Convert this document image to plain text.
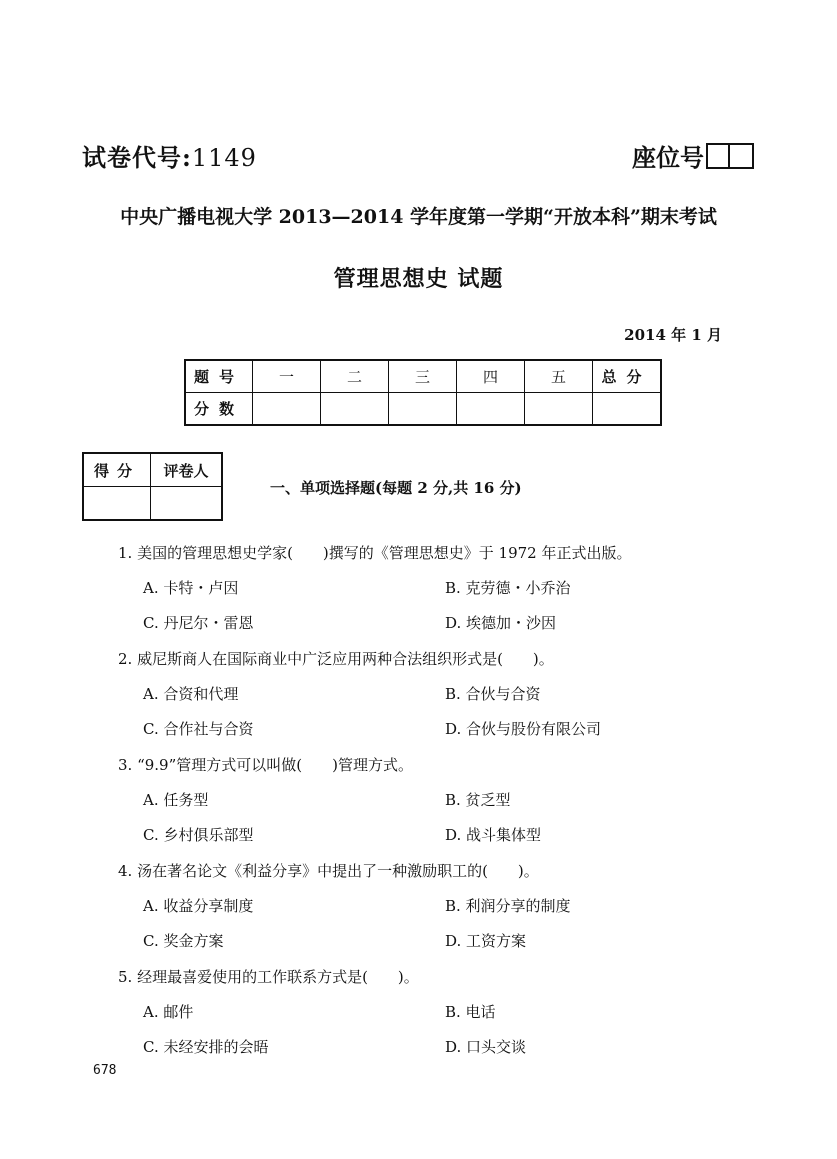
试卷代号:1149	座位号
中央广播电视大学 2013—2014 学年度第一学期“开放本科”期末考试
管理思想史 试题
2014 年 1 月
题号	一	二	三	四	五	总分
分数						
得分	评卷人

一、单项选择题(每题 2 分,共 16 分)
1. 美国的管理思想史学家(　　)撰写的《管理思想史》于 1972 年正式出版。
A. 卡特・卢因	B. 克劳德・小乔治
C. 丹尼尔・雷恩	D. 埃德加・沙因
2. 威尼斯商人在国际商业中广泛应用两种合法组织形式是(　　)。
A. 合资和代理	B. 合伙与合资
C. 合作社与合资	D. 合伙与股份有限公司
3. “9.9”管理方式可以叫做(　　)管理方式。
A. 任务型	B. 贫乏型
C. 乡村俱乐部型	D. 战斗集体型
4. 汤在著名论文《利益分享》中提出了一种激励职工的(　　)。
A. 收益分享制度	B. 利润分享的制度
C. 奖金方案	D. 工资方案
5. 经理最喜爱使用的工作联系方式是(　　)。
A. 邮件	B. 电话
C. 未经安排的会晤	D. 口头交谈
678
